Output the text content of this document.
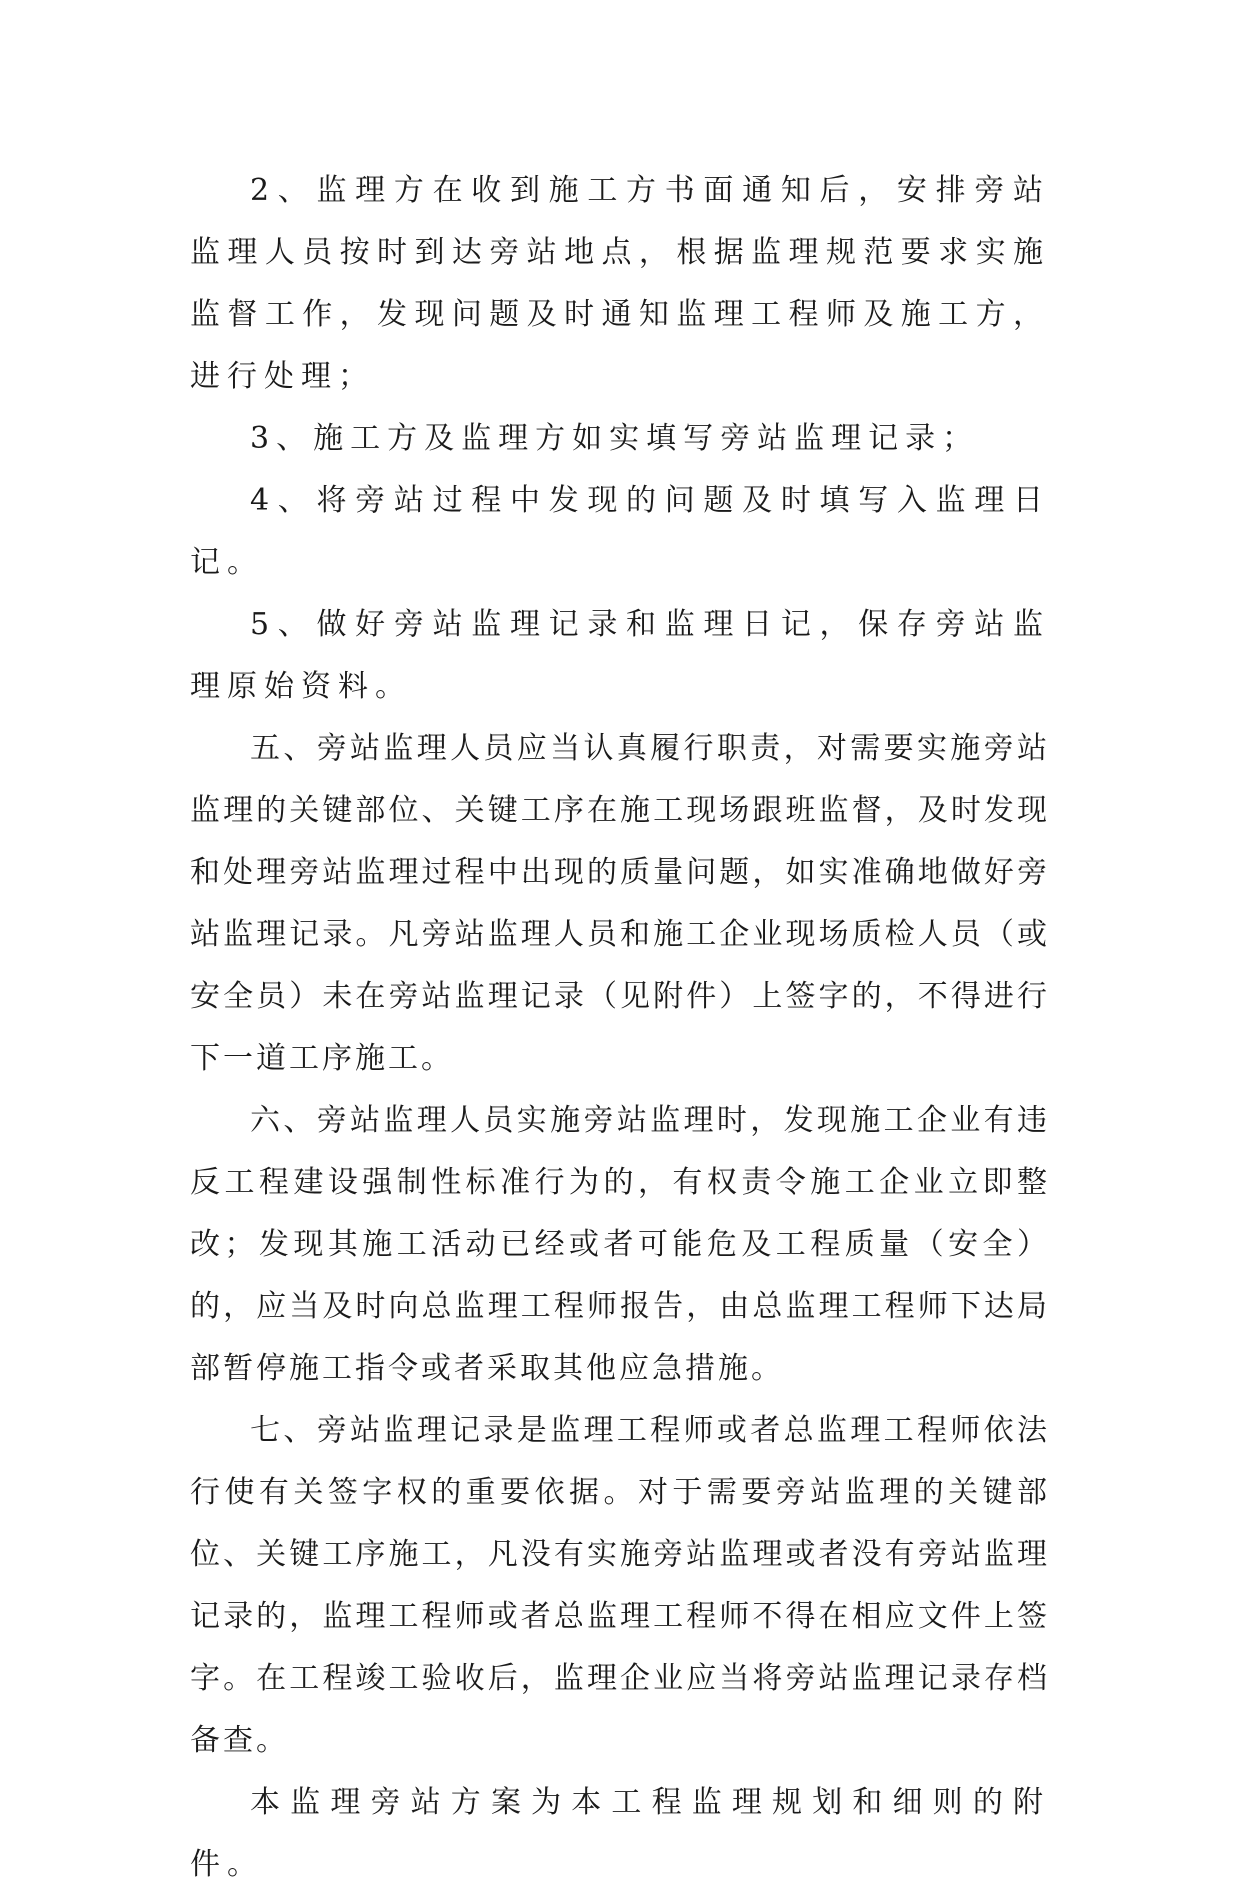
2、监理方在收到施工方书面通知后，安排旁站监理人员按时到达旁站地点，根据监理规范要求实施监督工作，发现问题及时通知监理工程师及施工方，进行处理；

3、施工方及监理方如实填写旁站监理记录；

4、将旁站过程中发现的问题及时填写入监理日记。

5、做好旁站监理记录和监理日记，保存旁站监理原始资料。

五、旁站监理人员应当认真履行职责，对需要实施旁站监理的关键部位、关键工序在施工现场跟班监督，及时发现和处理旁站监理过程中出现的质量问题，如实准确地做好旁站监理记录。凡旁站监理人员和施工企业现场质检人员（或安全员）未在旁站监理记录（见附件）上签字的，不得进行下一道工序施工。

六、旁站监理人员实施旁站监理时，发现施工企业有违反工程建设强制性标准行为的，有权责令施工企业立即整改；发现其施工活动已经或者可能危及工程质量（安全）的，应当及时向总监理工程师报告，由总监理工程师下达局部暂停施工指令或者采取其他应急措施。

七、旁站监理记录是监理工程师或者总监理工程师依法行使有关签字权的重要依据。对于需要旁站监理的关键部位、关键工序施工，凡没有实施旁站监理或者没有旁站监理记录的，监理工程师或者总监理工程师不得在相应文件上签字。在工程竣工验收后，监理企业应当将旁站监理记录存档备查。

本监理旁站方案为本工程监理规划和细则的附件。
